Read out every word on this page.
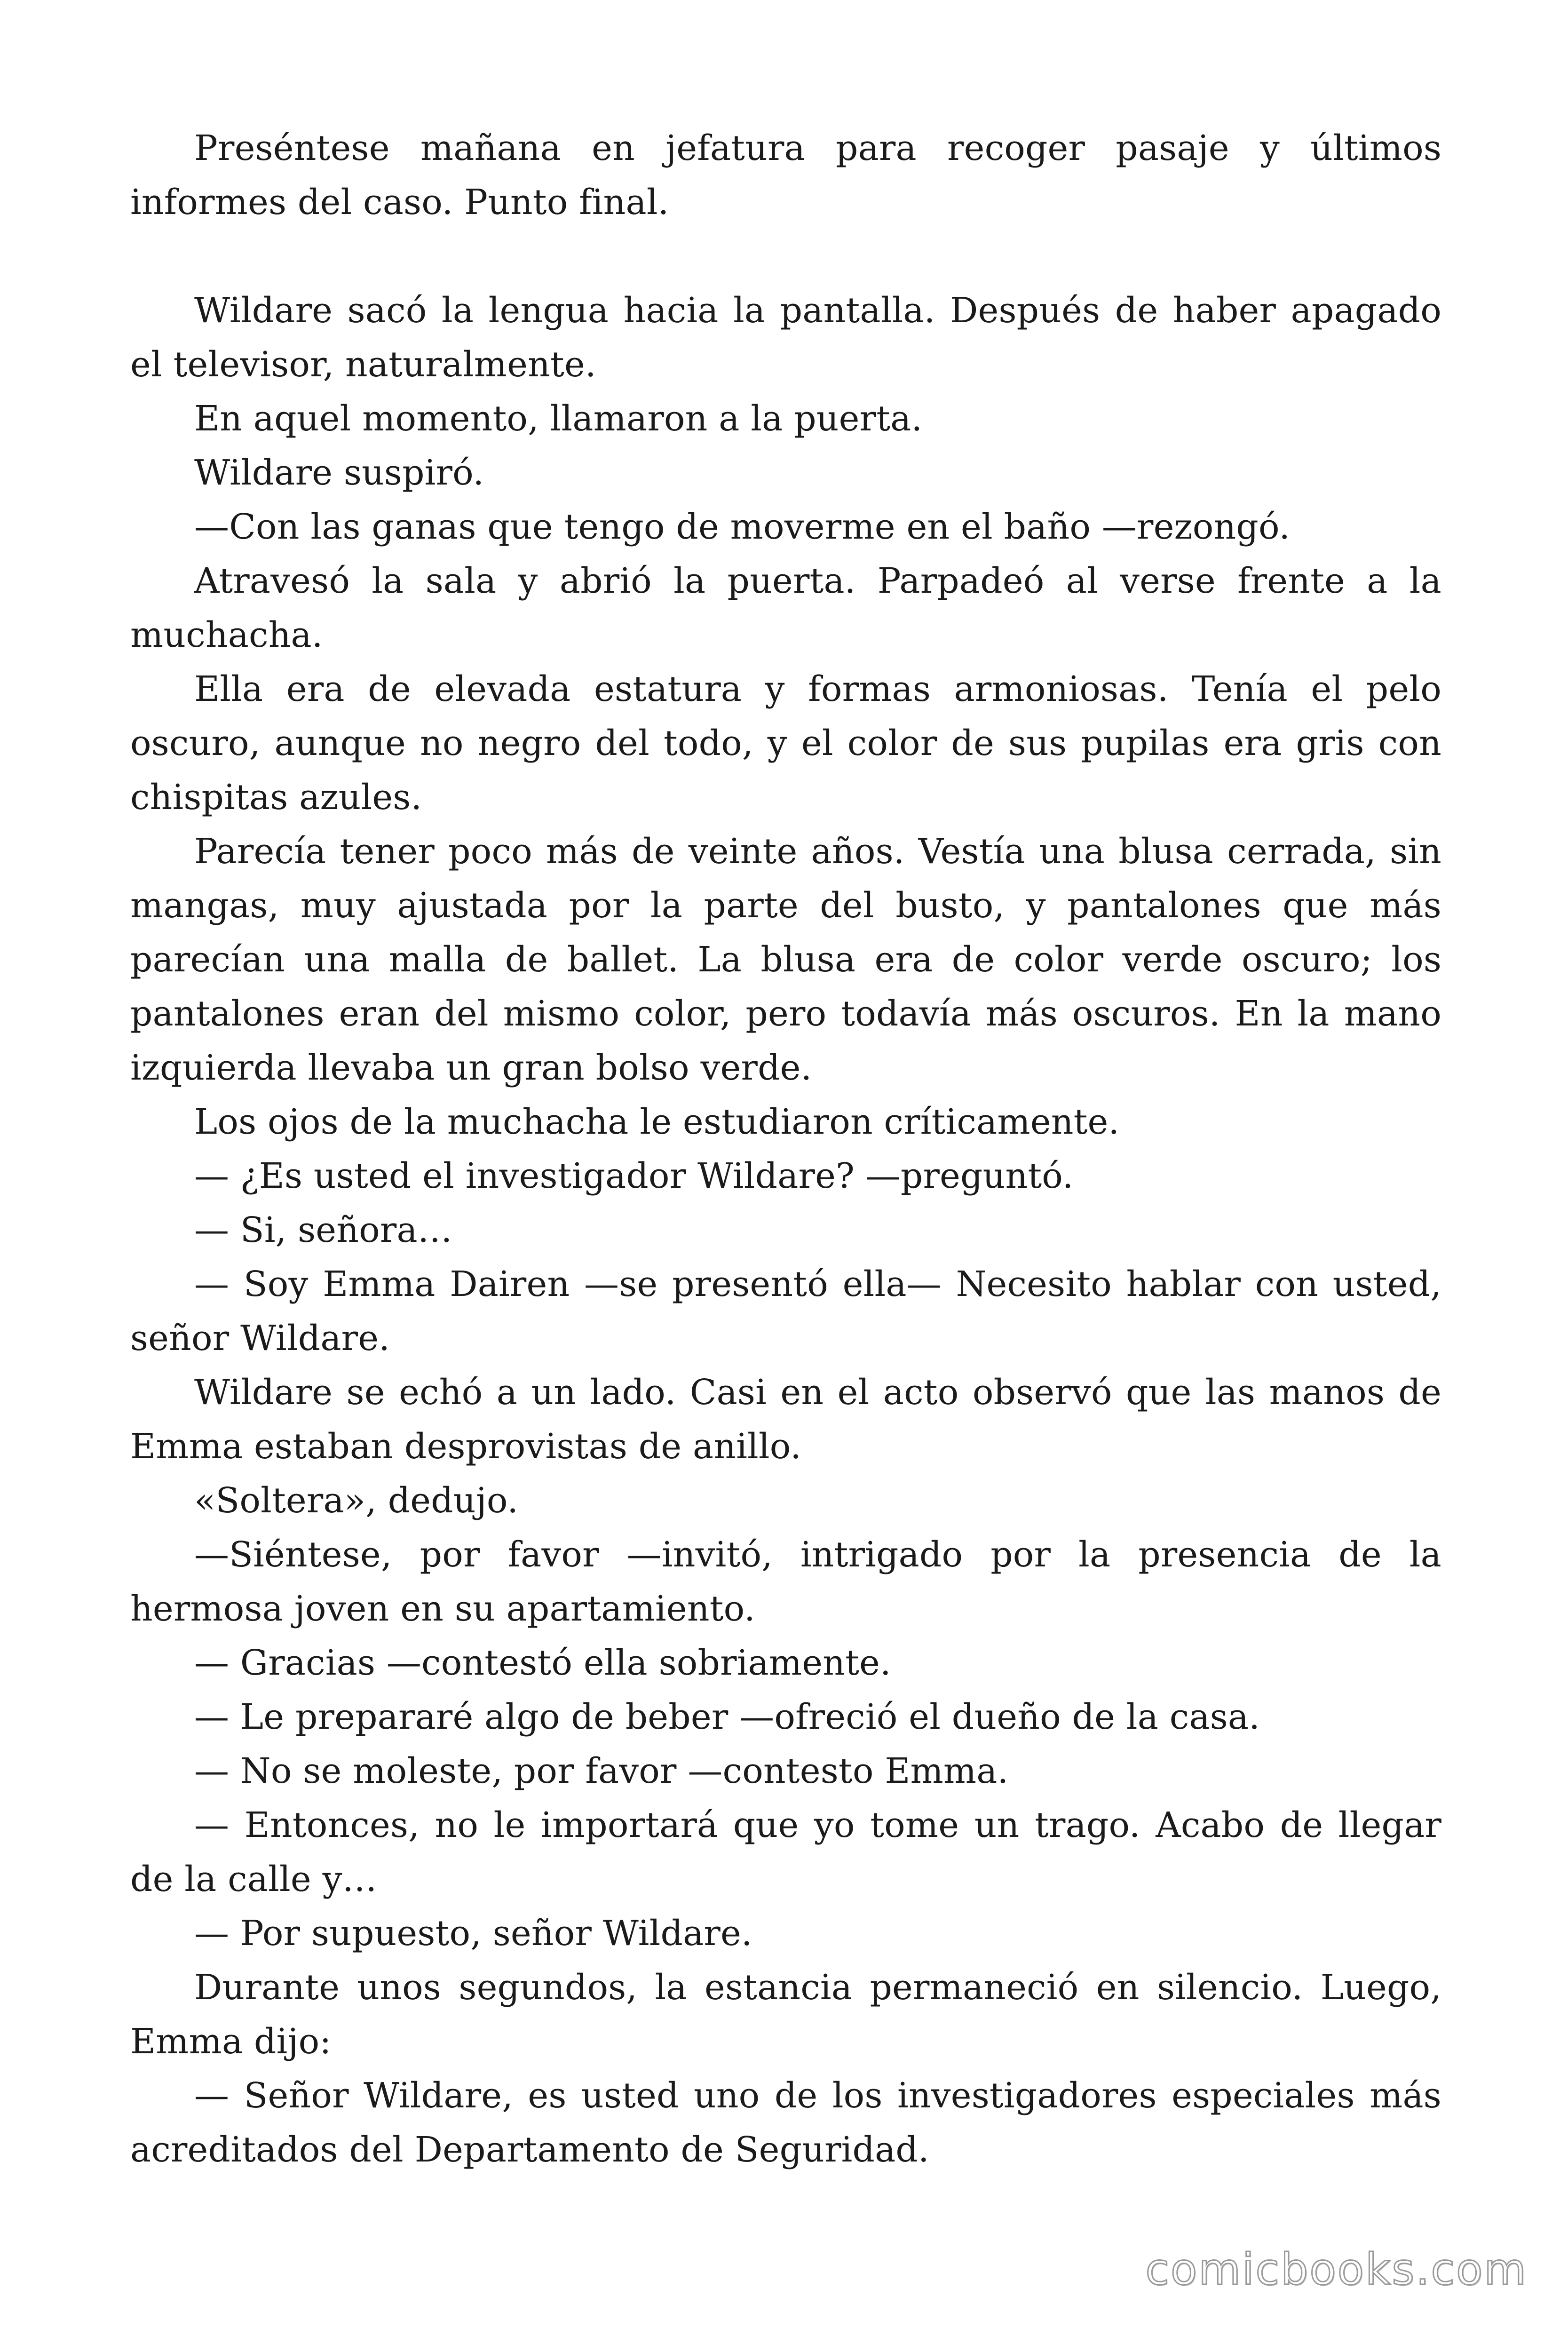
Preséntese mañana en jefatura para recoger pasaje y últimos informes del caso. Punto final.

Wildare sacó la lengua hacia la pantalla. Después de haber apagado el televisor, naturalmente.

En aquel momento, llamaron a la puerta.

Wildare suspiró.

—Con las ganas que tengo de moverme en el baño —rezongó.

Atravesó la sala y abrió la puerta. Parpadeó al verse frente a la muchacha.

Ella era de elevada estatura y formas armoniosas. Tenía el pelo oscuro, aunque no negro del todo, y el color de sus pupilas era gris con chispitas azules.

Parecía tener poco más de veinte años. Vestía una blusa cerrada, sin mangas, muy ajustada por la parte del busto, y pantalones que más parecían una malla de ballet. La blusa era de color verde oscuro; los pantalones eran del mismo color, pero todavía más oscuros. En la mano izquierda llevaba un gran bolso verde.

Los ojos de la muchacha le estudiaron críticamente.

— ¿Es usted el investigador Wildare? —preguntó.

— Si, señora…

— Soy Emma Dairen —se presentó ella— Necesito hablar con usted, señor Wildare.

Wildare se echó a un lado. Casi en el acto observó que las manos de Emma estaban desprovistas de anillo.

«Soltera», dedujo.

—Siéntese, por favor —invitó, intrigado por la presencia de la hermosa joven en su apartamiento.

— Gracias —contestó ella sobriamente.

— Le prepararé algo de beber —ofreció el dueño de la casa.

— No se moleste, por favor —contesto Emma.

— Entonces, no le importará que yo tome un trago. Acabo de llegar de la calle y…

— Por supuesto, señor Wildare.

Durante unos segundos, la estancia permaneció en silencio. Luego, Emma dijo:

— Señor Wildare, es usted uno de los investigadores especiales más acreditados del Departamento de Seguridad.

comicbooks.com
